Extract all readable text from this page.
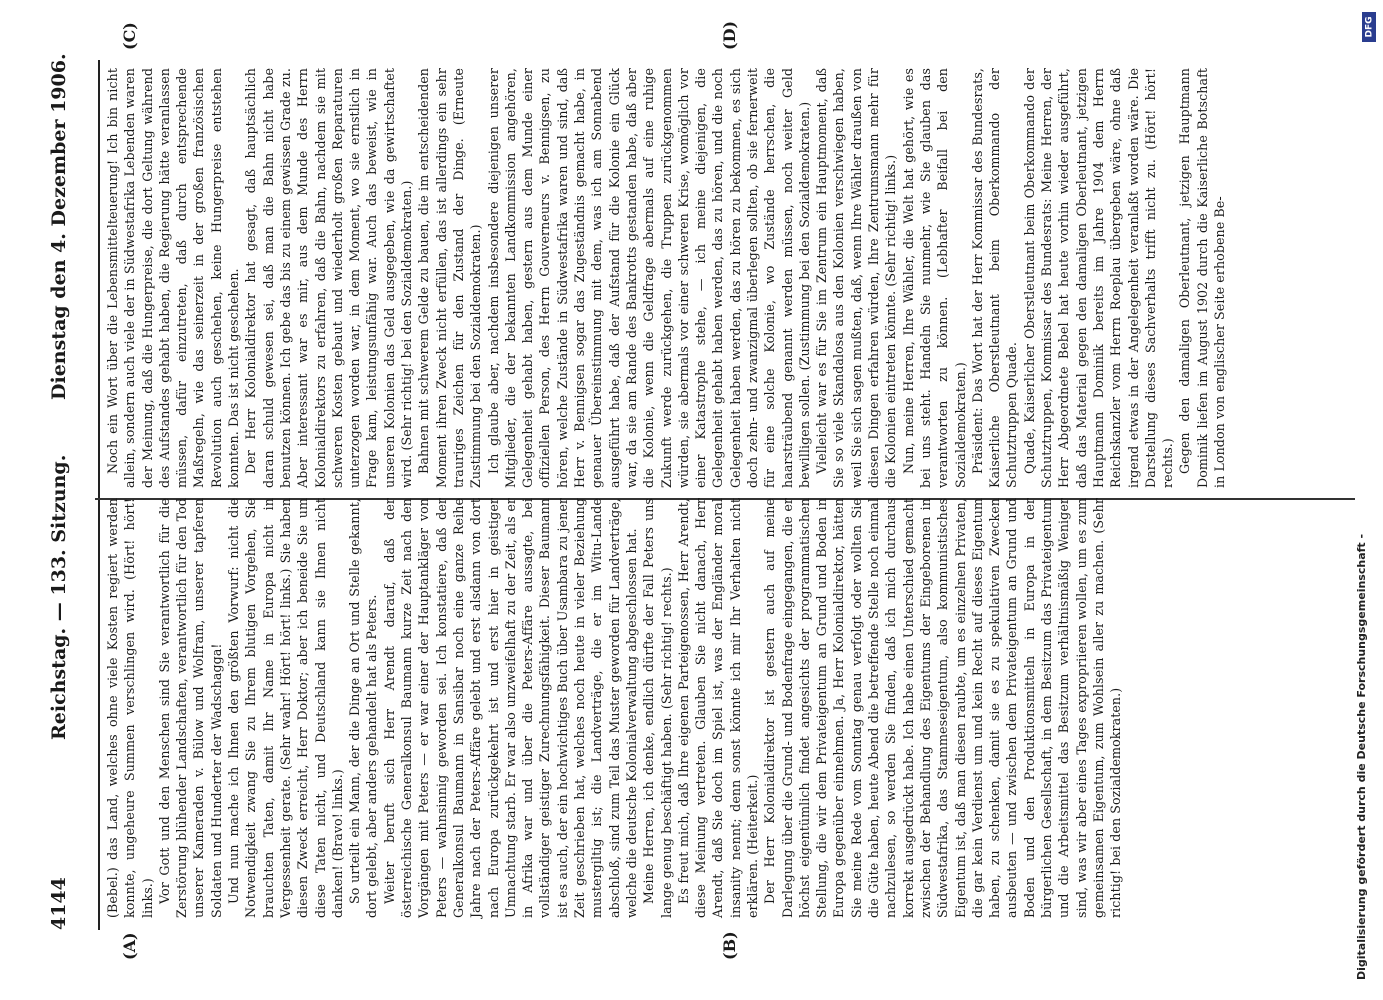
4144
Reichstag. — 133. Sitzung.
Dienstag den 4. Dezember 1906.
(A)	(B)
(C)	(D)

(Bebel.) das Land, welches ohne viele Kosten regiert werden konnte, ungeheure Summen verschlingen wird. (Hört! hört! links.) Vor Gott und den Menschen sind Sie verantwortlich für die Zerstörung blühender Landschaften, verantwortlich für den Tod unserer Kameraden v. Bülow und Wolfram, unserer tapferen Soldaten und Hunderter der Wadschagga! Und nun mache ich Ihnen den größten Vorwurf: nicht die Notwendigkeit zwang Sie zu Ihrem blutigen Vorgehen, Sie brauchten Taten, damit Ihr Name in Europa nicht in Vergessenheit gerate. (Sehr wahr! Hört! hört! links.) Sie haben diesen Zweck erreicht, Herr Doktor; aber ich beneide Sie um diese Taten nicht, und Deutschland kann sie Ihnen nicht danken! (Bravo! links.) So urteilt ein Mann, der die Dinge an Ort und Stelle gekannt, dort gelebt, aber anders gehandelt hat als Peters. Weiter beruft sich Herr Arendt darauf, daß der österreichische Generalkonsul Baumann kurze Zeit nach den Vorgängen mit Peters — er war einer der Hauptankläger von Peters — wahnsinnig geworden sei. Ich konstatiere, daß der Generalkonsul Baumann in Sansibar noch eine ganze Reihe Jahre nach der Peters-Affäre gelebt und erst alsdann von dort nach Europa zurückgekehrt ist und erst hier in geistiger Umnachtung starb. Er war also unzweifelhaft zu der Zeit, als er in Afrika war und über die Peters-Affäre aussagte, bei vollständiger geistiger Zurechnungsfähigkeit. Dieser Baumann ist es auch, der ein hochwichtiges Buch über Usambara zu jener Zeit geschrieben hat, welches noch heute in vieler Beziehung mustergiltig ist; die Landverträge, die er im Witu-Lande abschloß, sind zum Teil das Muster geworden für Landverträge, welche die deutsche Kolonialverwaltung abgeschlossen hat. Meine Herren, ich denke, endlich dürfte der Fall Peters uns lange genug beschäftigt haben. (Sehr richtig! rechts.) Es freut mich, daß Ihre eigenen Parteigenossen, Herr Arendt, diese Meinung vertreten. Glauben Sie nicht danach, Herr Arendt, daß Sie doch im Spiel ist, was der Engländer moral insanity nennt; denn sonst könnte ich mir Ihr Verhalten nicht erklären. (Heiterkeit.) Der Herr Kolonialdirektor ist gestern auch auf meine Darlegung über die Grund- und Bodenfrage eingegangen, die er höchst eigentümlich findet angesichts der programmatischen Stellung, die wir dem Privateigentum an Grund und Boden in Europa gegenüber einnehmen. Ja, Herr Kolonialdirektor, hätten Sie meine Rede vom Sonntag genau verfolgt oder wollten Sie die Güte haben, heute Abend die betreffende Stelle noch einmal nachzulesen, so werden Sie finden, daß ich mich durchaus korrekt ausgedrückt habe. Ich habe einen Unterschied gemacht zwischen der Behandlung des Eigentums der Eingeborenen in Südwestafrika, das Stammeseigentum, also kommunistisches Eigentum ist, daß man diesen raubte, um es einzelnen Privaten, die gar kein Verdienst um und kein Recht auf dieses Eigentum haben, zu schenken, damit sie es zu spekulativen Zwecken ausbeuten — und zwischen dem Privateigentum an Grund und Boden und den Produktionsmitteln in Europa in der bürgerlichen Gesellschaft, in dem Besitzum das Privateigentum und die Arbeitsmittel das Besitzum verhältnismäßig Weniger sind, was wir aber eines Tages expropriieren wollen, um es zum gemeinsamen Eigentum, zum Wohlsein aller zu machen. (Sehr richtig! bei den Sozialdemokraten.)

Noch ein Wort über die Lebensmittelteuerung! Ich bin nicht allein, sondern auch viele der in Südwestafrika Lebenden waren der Meinung, daß die Hungerpreise, die dort Geltung während des Aufstandes gehabt haben, die Regierung hätte veranlassen müssen, dafür einzutreten, daß durch entsprechende Maßregeln, wie das seinerzeit in der großen französischen Revolution auch geschehen, keine Hungerpreise entstehen konnten. Das ist nicht geschehen. Der Herr Kolonialdirektor hat gesagt, daß hauptsächlich daran schuld gewesen sei, daß man die Bahn nicht habe benutzen können. Ich gebe das bis zu einem gewissen Grade zu. Aber interessant war es mir, aus dem Munde des Herrn Kolonialdirektors zu erfahren, daß die Bahn, nachdem sie mit schweren Kosten gebaut und wiederholt großen Reparaturen unterzogen worden war, in dem Moment, wo sie ernstlich in Frage kam, leistungsunfähig war. Auch das beweist, wie in unseren Kolonien das Geld ausgegeben, wie da gewirtschaftet wird. (Sehr richtig! bei den Sozialdemokraten.) Bahnen mit schwerem Gelde zu bauen, die im entscheidenden Moment ihren Zweck nicht erfüllen, das ist allerdings ein sehr trauriges Zeichen für den Zustand der Dinge. (Erneute Zustimmung bei den Sozialdemokraten.) Ich glaube aber, nachdem insbesondere diejenigen unserer Mitglieder, die der bekannten Landkommission angehören, Gelegenheit gehabt haben, gestern aus dem Munde einer offiziellen Person, des Herrn Gouverneurs v. Bennigsen, zu hören, welche Zustände in Südwestafrika waren und sind, daß Herr v. Bennigsen sogar das Zugeständnis gemacht habe, in genauer Übereinstimmung mit dem, was ich am Sonnabend ausgeführt habe, daß der Aufstand für die Kolonie ein Glück war, da sie am Rande des Bankrotts gestanden habe, daß aber die Kolonie, wenn die Geldfrage abermals auf eine ruhige Zukunft werde zurückgehen, die Truppen zurückgenommen würden, sie abermals vor einer schweren Krise, womöglich vor einer Katastrophe stehe, — ich meine diejenigen, die Gelegenheit gehabt haben werden, das zu hören, und die noch Gelegenheit haben werden, das zu hören zu bekommen, es sich doch zehn- und zwanzigmal überlegen sollten, ob sie fernerweit für eine solche Kolonie, wo Zustände herrschen, die haarsträubend genannt werden müssen, noch weiter Geld bewilligen sollen. (Zustimmung bei den Sozialdemokraten.) Vielleicht war es für Sie im Zentrum ein Hauptmoment, daß Sie so viele Skandalosa aus den Kolonien verschwiegen haben, weil Sie sich sagen mußten, daß, wenn Ihre Wähler draußen von diesen Dingen erfahren würden, Ihre Zentrumsmann mehr für die Kolonien eintreten könnte. (Sehr richtig! links.) Nun, meine Herren, Ihre Wähler, die Welt hat gehört, wie es bei uns steht. Handeln Sie nunmehr, wie Sie glauben das verantworten zu können. (Lebhafter Beifall bei den Sozialdemokraten.) Präsident: Das Wort hat der Herr Kommissar des Bundesrats, Kaiserliche Oberstleutnant beim Oberkommando der Schutztruppen Quade. Quade, Kaiserlicher Oberstleutnant beim Oberkommando der Schutztruppen, Kommissar des Bundesrats: Meine Herren, der Herr Abgeordnete Bebel hat heute vorhin wieder ausgeführt, daß das Material gegen den damaligen Oberleutnant, jetzigen Hauptmann Dominik bereits im Jahre 1904 dem Herrn Reichskanzler vom Herrn Roeplau übergeben wäre, ohne daß irgend etwas in der Angelegenheit veranlaßt worden wäre. Die Darstellung dieses Sachverhalts trifft nicht zu. (Hört! hört! rechts.) Gegen den damaligen Oberleutnant, jetzigen Hauptmann Dominik liefen im August 1902 durch die Kaiserliche Botschaft in London von englischer Seite erhobene Be-

Digitalisierung gefördert durch die Deutsche Forschungsgemeinschaft -
DFG
